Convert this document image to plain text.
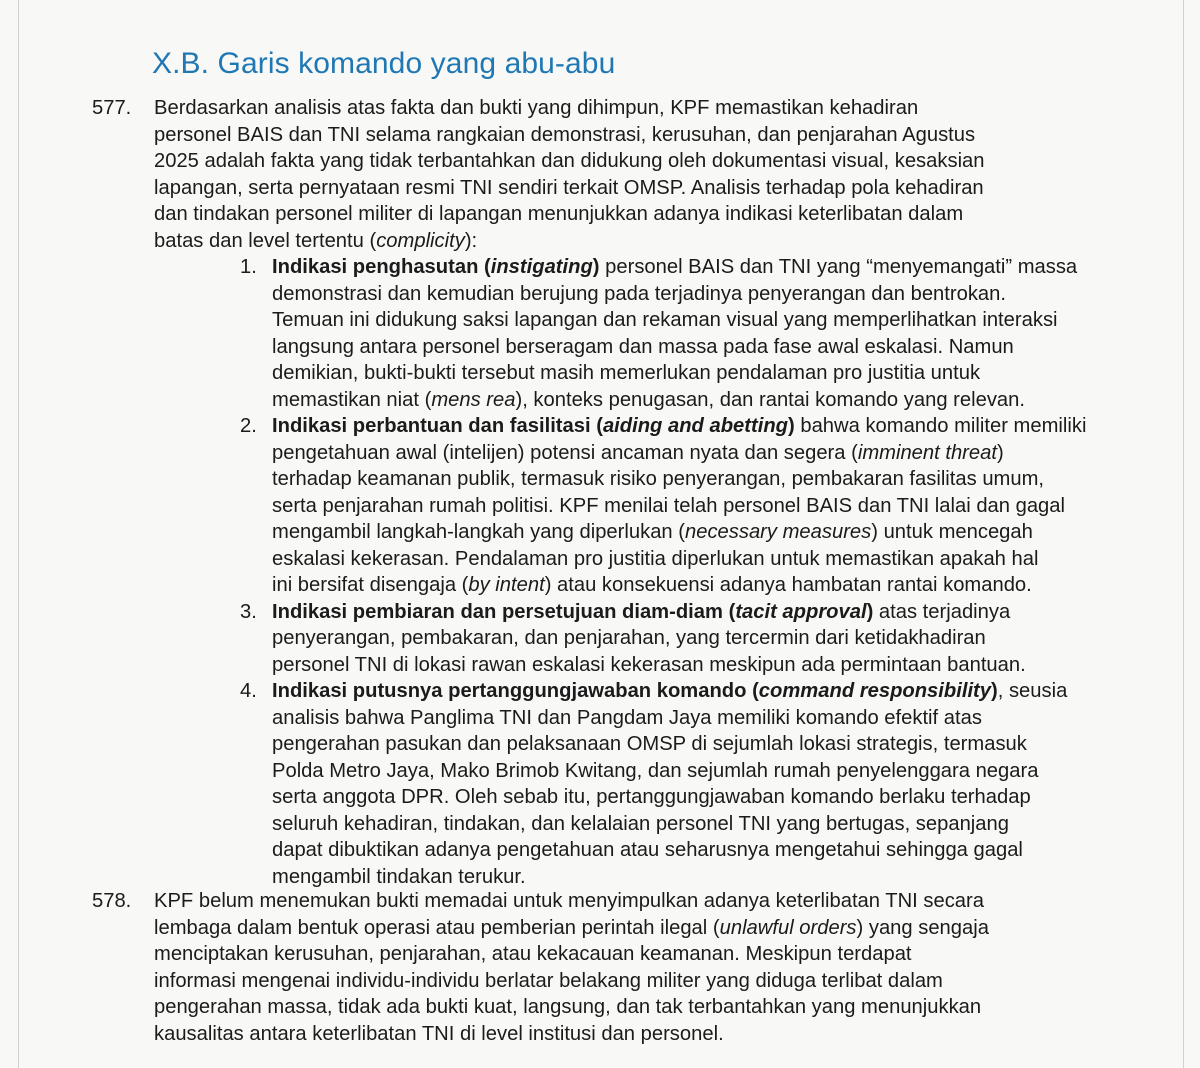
X.B. Garis komando yang abu-abu
577.	Berdasarkan analisis atas fakta dan bukti yang dihimpun, KPF memastikan kehadiran
personel BAIS dan TNI selama rangkaian demonstrasi, kerusuhan, dan penjarahan Agustus
2025 adalah fakta yang tidak terbantahkan dan didukung oleh dokumentasi visual, kesaksian
lapangan, serta pernyataan resmi TNI sendiri terkait OMSP. Analisis terhadap pola kehadiran
dan tindakan personel militer di lapangan menunjukkan adanya indikasi keterlibatan dalam
batas dan level tertentu (complicity):
1. Indikasi penghasutan (instigating) personel BAIS dan TNI yang “menyemangati” massa
demonstrasi dan kemudian berujung pada terjadinya penyerangan dan bentrokan.
Temuan ini didukung saksi lapangan dan rekaman visual yang memperlihatkan interaksi
langsung antara personel berseragam dan massa pada fase awal eskalasi. Namun
demikian, bukti-bukti tersebut masih memerlukan pendalaman pro justitia untuk
memastikan niat (mens rea), konteks penugasan, dan rantai komando yang relevan.
2. Indikasi perbantuan dan fasilitasi (aiding and abetting) bahwa komando militer memiliki
pengetahuan awal (intelijen) potensi ancaman nyata dan segera (imminent threat)
terhadap keamanan publik, termasuk risiko penyerangan, pembakaran fasilitas umum,
serta penjarahan rumah politisi. KPF menilai telah personel BAIS dan TNI lalai dan gagal
mengambil langkah-langkah yang diperlukan (necessary measures) untuk mencegah
eskalasi kekerasan. Pendalaman pro justitia diperlukan untuk memastikan apakah hal
ini bersifat disengaja (by intent) atau konsekuensi adanya hambatan rantai komando.
3. Indikasi pembiaran dan persetujuan diam-diam (tacit approval) atas terjadinya
penyerangan, pembakaran, dan penjarahan, yang tercermin dari ketidakhadiran
personel TNI di lokasi rawan eskalasi kekerasan meskipun ada permintaan bantuan.
4. Indikasi putusnya pertanggungjawaban komando (command responsibility), seusia
analisis bahwa Panglima TNI dan Pangdam Jaya memiliki komando efektif atas
pengerahan pasukan dan pelaksanaan OMSP di sejumlah lokasi strategis, termasuk
Polda Metro Jaya, Mako Brimob Kwitang, dan sejumlah rumah penyelenggara negara
serta anggota DPR. Oleh sebab itu, pertanggungjawaban komando berlaku terhadap
seluruh kehadiran, tindakan, dan kelalaian personel TNI yang bertugas, sepanjang
dapat dibuktikan adanya pengetahuan atau seharusnya mengetahui sehingga gagal
mengambil tindakan terukur.
578.	KPF belum menemukan bukti memadai untuk menyimpulkan adanya keterlibatan TNI secara
lembaga dalam bentuk operasi atau pemberian perintah ilegal (unlawful orders) yang sengaja
menciptakan kerusuhan, penjarahan, atau kekacauan keamanan. Meskipun terdapat
informasi mengenai individu-individu berlatar belakang militer yang diduga terlibat dalam
pengerahan massa, tidak ada bukti kuat, langsung, dan tak terbantahkan yang menunjukkan
kausalitas antara keterlibatan TNI di level institusi dan personel.
